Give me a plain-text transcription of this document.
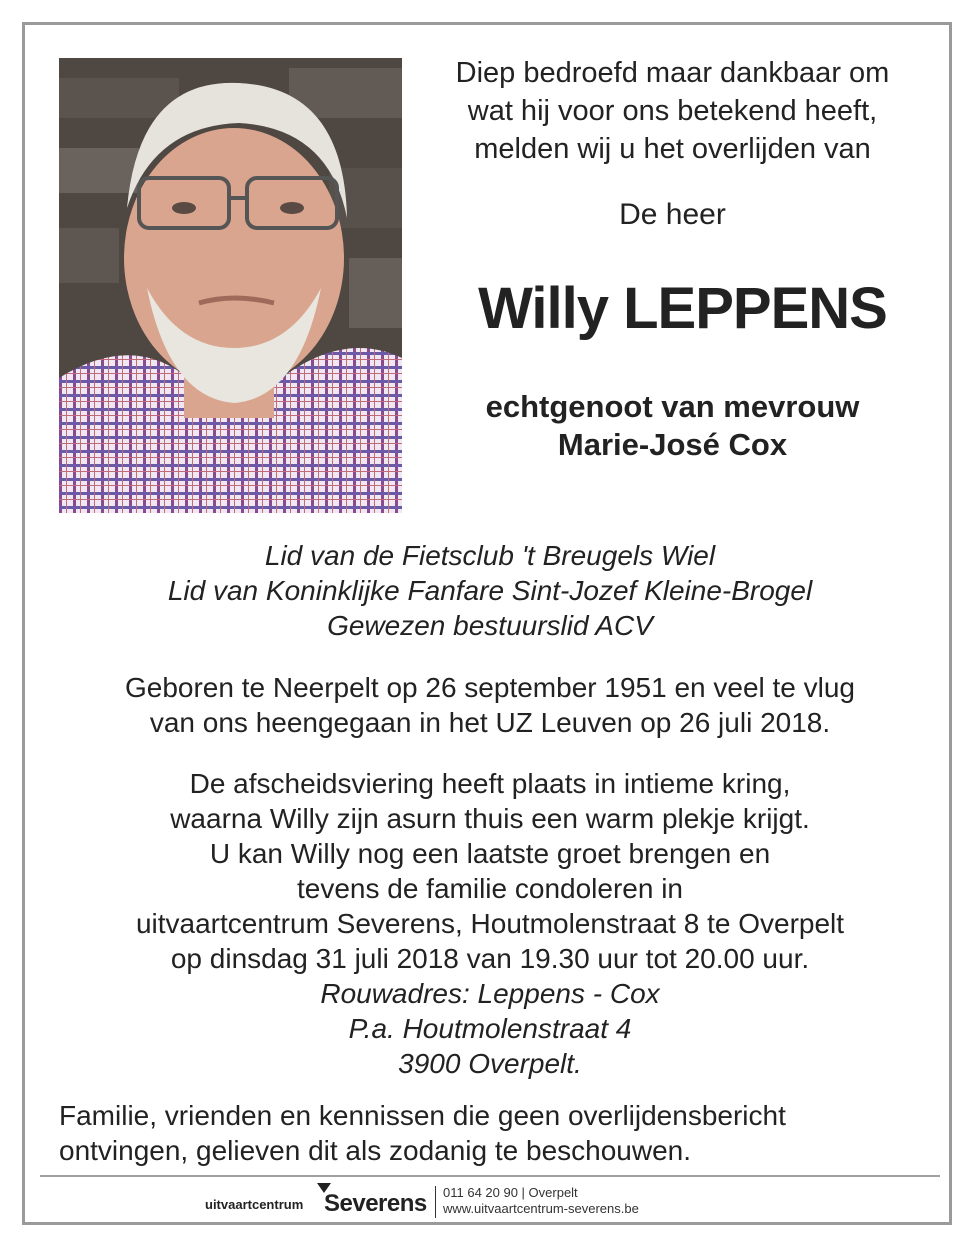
Diep bedroefd maar dankbaar om
wat hij voor ons betekend heeft,
melden wij u het overlijden van
De heer
Willy LEPPENS
echtgenoot van mevrouw
Marie-José Cox
Lid van de Fietsclub 't Breugels Wiel
Lid van Koninklijke Fanfare Sint-Jozef Kleine-Brogel
Gewezen bestuurslid ACV
Geboren te Neerpelt op 26 september 1951 en veel te vlug
van ons heengegaan in het UZ Leuven op 26 juli 2018.
De afscheidsviering heeft plaats in intieme kring,
waarna Willy zijn asurn thuis een warm plekje krijgt.
U kan Willy nog een laatste groet brengen en
tevens de familie condoleren in
uitvaartcentrum Severens, Houtmolenstraat 8 te Overpelt
op dinsdag 31 juli 2018 van 19.30 uur tot 20.00 uur.
Rouwadres: Leppens - Cox
P.a. Houtmolenstraat 4
3900 Overpelt.
Familie, vrienden en kennissen die geen overlijdensbericht
ontvingen, gelieven dit als zodanig te beschouwen.
uitvaartcentrum Severens 011 64 20 90 | Overpelt
www.uitvaartcentrum-severens.be
